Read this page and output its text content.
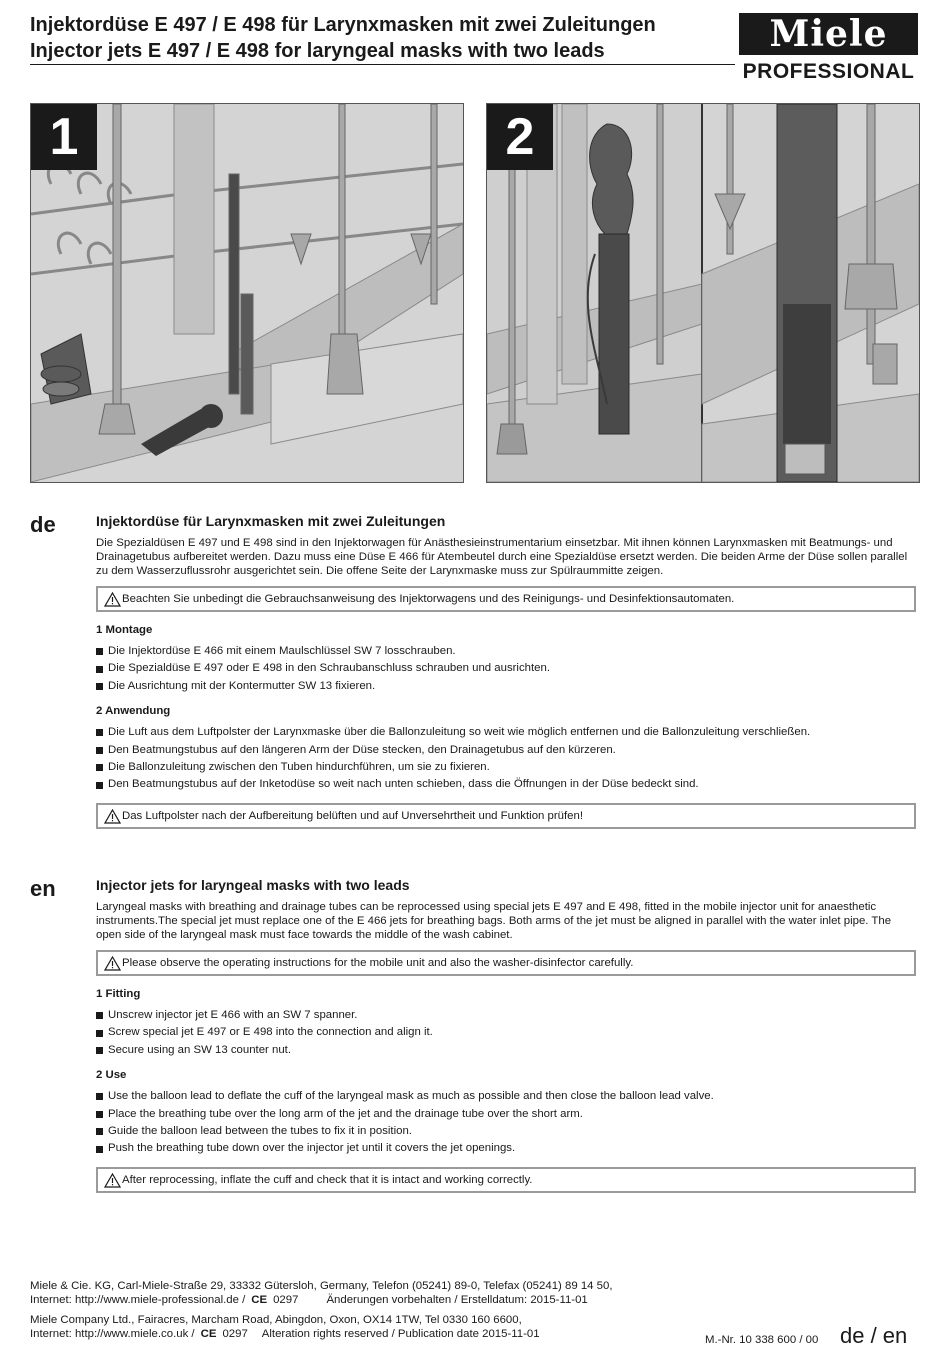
Injektordüse E 497 / E 498 für Larynxmasken mit zwei Zuleitungen
Injector jets E 497 / E 498 for laryngeal masks with two leads	Miele
PROFESSIONAL
1	2
de	Injektordüse für Larynxmasken mit zwei Zuleitungen

Die Spezialdüsen E 497 und E 498 sind in den Injektorwagen für Anästhesieinstrumentarium einsetzbar. Mit ihnen können Larynxmasken mit Beatmungs- und Drainagetubus aufbereitet werden. Dazu muss eine Düse E 466 für Atembeutel durch eine Spezialdüse ersetzt werden. Die beiden Arme der Düse sollen parallel zu dem Wasserzuflussrohr ausgerichtet sein. Die offene Seite der Larynxmaske muss zur Spülraummitte zeigen.

Beachten Sie unbedingt die Gebrauchsanweisung des Injektorwagens und des Reinigungs- und Desinfektionsautomaten.
1 Montage
Die Injektordüse E 466 mit einem Maulschlüssel SW 7 losschrauben.
Die Spezialdüse E 497 oder E 498 in den Schraubanschluss schrauben und ausrichten.
Die Ausrichtung mit der Kontermutter SW 13 fixieren.
2 Anwendung
Die Luft aus dem Luftpolster der Larynxmaske über die Ballonzuleitung so weit wie möglich entfernen und die Ballonzuleitung verschließen.
Den Beatmungstubus auf den längeren Arm der Düse stecken, den Drainagetubus auf den kürzeren.
Die Ballonzuleitung zwischen den Tuben hindurchführen, um sie zu fixieren.
Den Beatmungstubus auf der Inketodüse so weit nach unten schieben, dass die Öffnungen in der Düse bedeckt sind.
Das Luftpolster nach der Aufbereitung belüften und auf Unversehrtheit und Funktion prüfen!
en	Injector jets for laryngeal masks with two leads

Laryngeal masks with breathing and drainage tubes can be reprocessed using special jets E 497 and E 498, fitted in the mobile injector unit for anaesthetic instruments.The special jet must replace one of the E 466 jets for breathing bags. Both arms of the jet must be aligned in parallel with the water inlet pipe. The open side of the laryngeal mask must face towards the middle of the wash cabinet.

Please observe the operating instructions for the mobile unit and also the washer-disinfector carefully.
1 Fitting
Unscrew injector jet E 466 with an SW 7 spanner.
Screw special jet E 497 or E 498 into the connection and align it.
Secure using an SW 13 counter nut.
2 Use
Use the balloon lead to deflate the cuff of the laryngeal mask as much as possible and then close the balloon lead valve.
Place the breathing tube over the long arm of the jet and the drainage tube over the short arm.
Guide the balloon lead between the tubes to fix it in position.
Push the breathing tube down over the injector jet until it covers the jet openings.
After reprocessing, inflate the cuff and check that it is intact and working correctly.
Miele & Cie. KG, Carl-Miele-Straße 29, 33332 Gütersloh, Germany, Telefon (05241) 89-0, Telefax (05241) 89 14 50,
Internet: http://www.miele-professional.de / CE 0297 Änderungen vorbehalten / Erstelldatum: 2015-11-01
Miele Company Ltd., Fairacres, Marcham Road, Abingdon, Oxon, OX14 1TW, Tel 0330 160 6600,
Internet: http://www.miele.co.uk / CE 0297 Alteration rights reserved / Publication date 2015-11-01	M.-Nr. 10 338 600 / 00 de / en
